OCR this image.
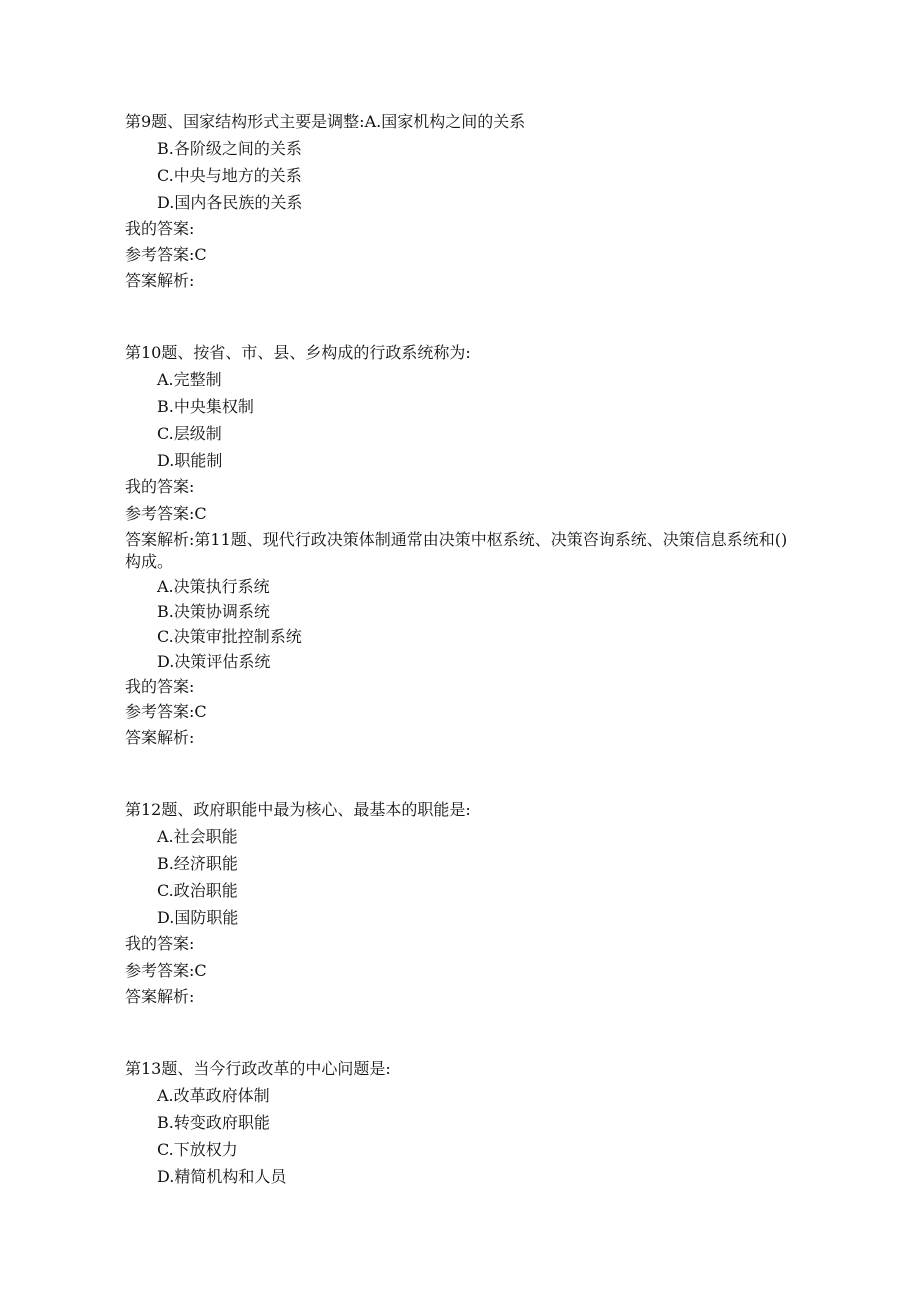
第9题、国家结构形式主要是调整:A.国家机构之间的关系
B.各阶级之间的关系
C.中央与地方的关系
D.国内各民族的关系
我的答案:
参考答案:C
答案解析:
第10题、按省、市、县、乡构成的行政系统称为:
A.完整制
B.中央集权制
C.层级制
D.职能制
我的答案:
参考答案:C
答案解析:第11题、现代行政决策体制通常由决策中枢系统、决策咨询系统、决策信息系统和()构成。
A.决策执行系统
B.决策协调系统
C.决策审批控制系统
D.决策评估系统
我的答案:
参考答案:C
答案解析:
第12题、政府职能中最为核心、最基本的职能是:
A.社会职能
B.经济职能
C.政治职能
D.国防职能
我的答案:
参考答案:C
答案解析:
第13题、当今行政改革的中心问题是:
A.改革政府体制
B.转变政府职能
C.下放权力
D.精简机构和人员
